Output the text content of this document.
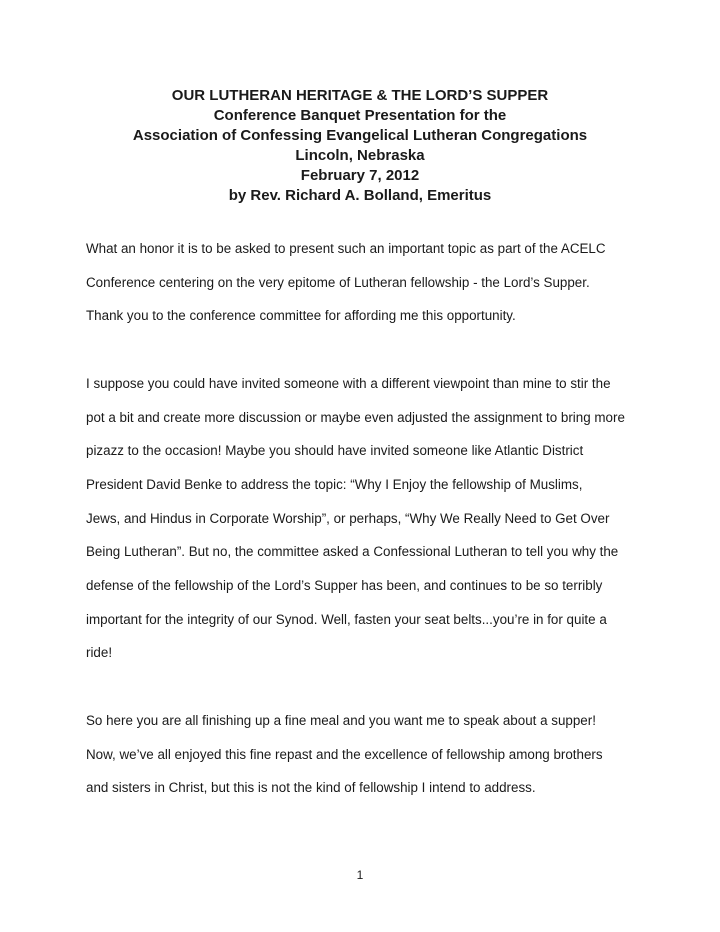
OUR LUTHERAN HERITAGE & THE LORD’S SUPPER
Conference Banquet Presentation for the
Association of Confessing Evangelical Lutheran Congregations
Lincoln, Nebraska
February 7, 2012
by Rev. Richard A. Bolland, Emeritus
What an honor it is to be asked to present such an important topic as part of the ACELC
Conference centering on the very epitome of Lutheran fellowship - the Lord’s Supper.
Thank you to the conference committee for affording me this opportunity.
I suppose you could have invited someone with a different viewpoint than mine to stir the
pot a bit and create more discussion or maybe even adjusted the assignment to bring more
pizazz to the occasion! Maybe you should have invited someone like Atlantic District
President David Benke to address the topic: “Why I Enjoy the fellowship of Muslims,
Jews, and Hindus in Corporate Worship”, or perhaps, “Why We Really Need to Get Over
Being Lutheran”. But no, the committee asked a Confessional Lutheran to tell you why the
defense of the fellowship of the Lord’s Supper has been, and continues to be so terribly
important for the integrity of our Synod. Well, fasten your seat belts...you’re in for quite a
ride!
So here you are all finishing up a fine meal and you want me to speak about a supper!
Now, we’ve all enjoyed this fine repast and the excellence of fellowship among brothers
and sisters in Christ, but this is not the kind of fellowship I intend to address.
1
